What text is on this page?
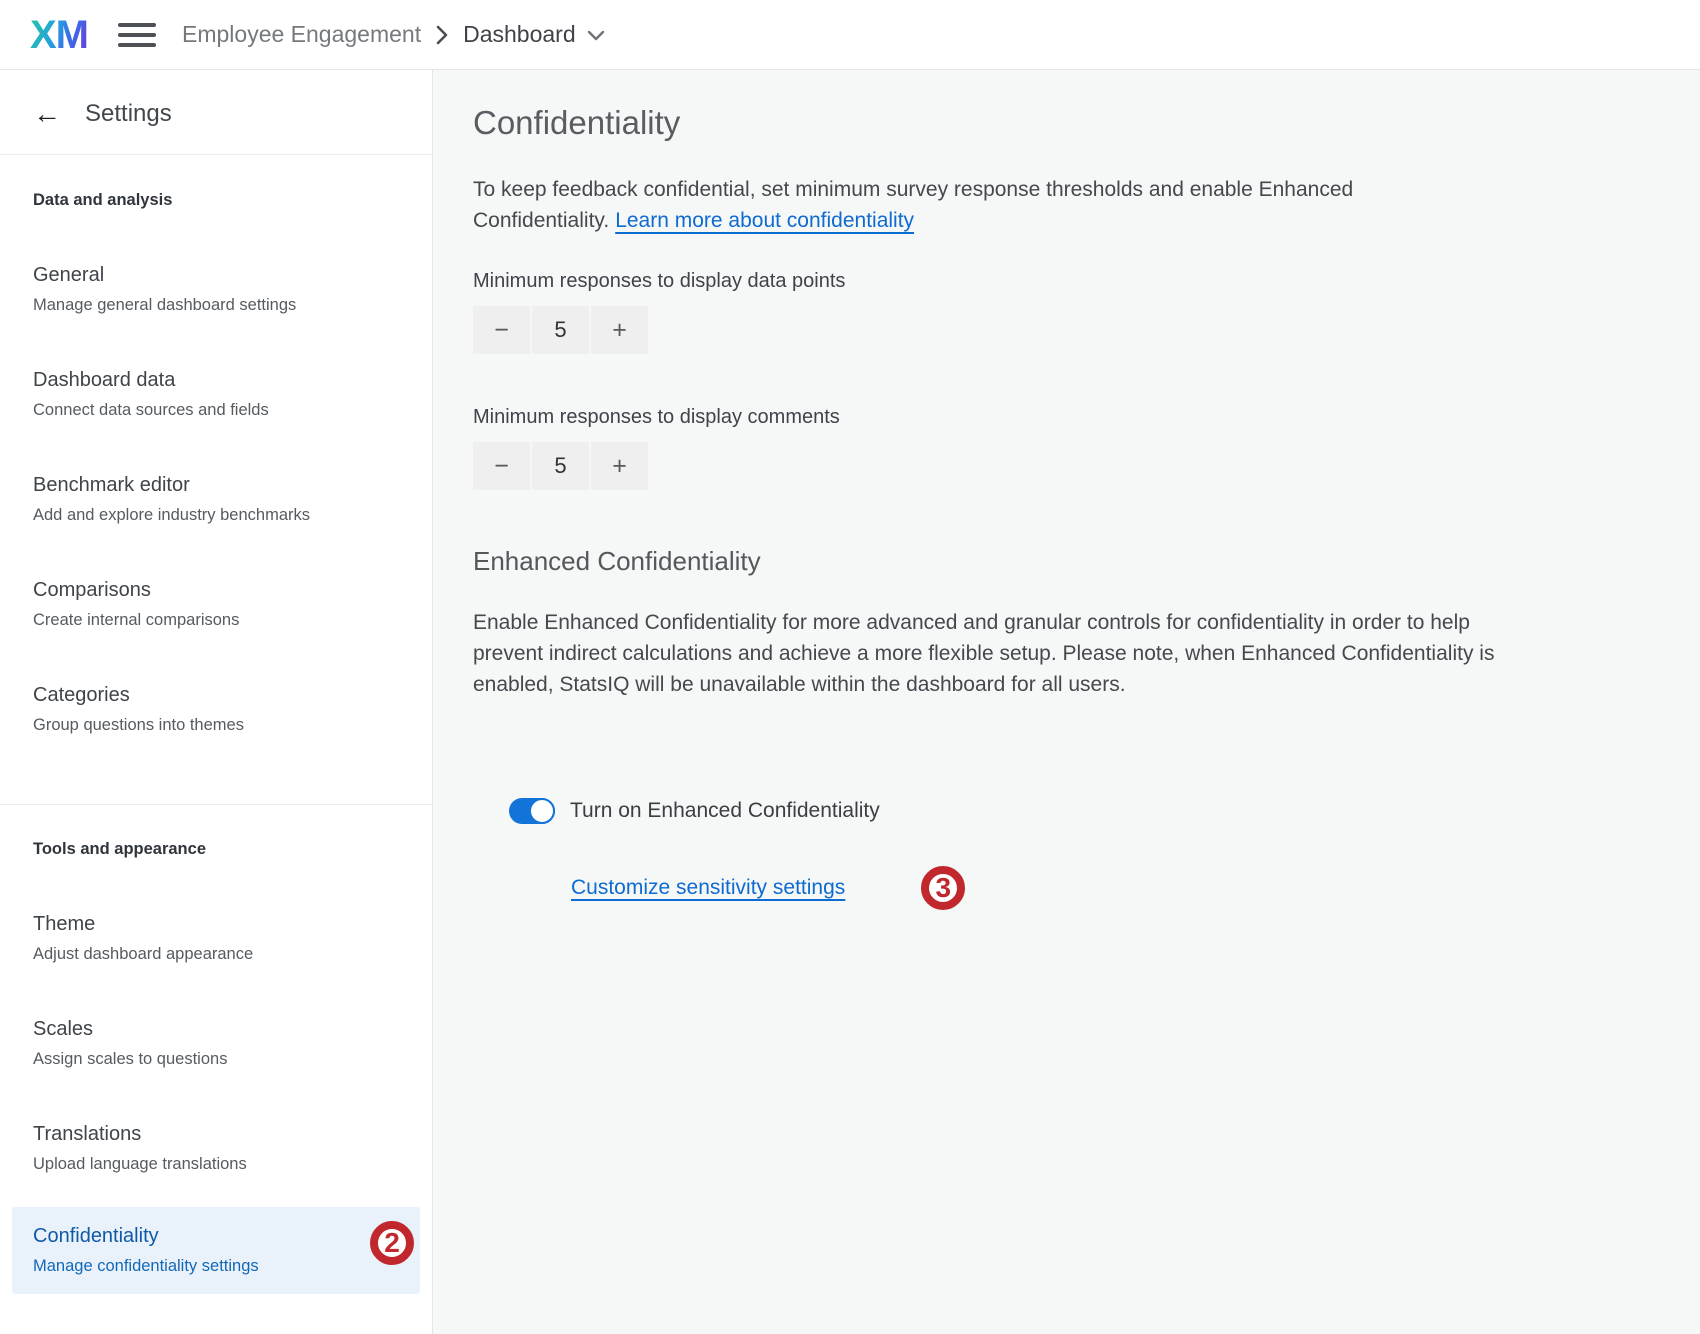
XM	Employee Engagement Dashboard
← Settings
Data and analysis
General
Manage general dashboard settings
Dashboard data
Connect data sources and fields
Benchmark editor
Add and explore industry benchmarks
Comparisons
Create internal comparisons
Categories
Group questions into themes
Tools and appearance
Theme
Adjust dashboard appearance
Scales
Assign scales to questions
Translations
Upload language translations
Confidentiality
Manage confidentiality settings
2
Confidentiality

To keep feedback confidential, set minimum survey response thresholds and enable Enhanced
Confidentiality. Learn more about confidentiality

Minimum responses to display data points
−	5	+
Minimum responses to display comments
−	5	+
Enhanced Confidentiality

Enable Enhanced Confidentiality for more advanced and granular controls for confidentiality in order to help
prevent indirect calculations and achieve a more flexible setup. Please note, when Enhanced Confidentiality is
enabled, StatsIQ will be unavailable within the dashboard for all users.

Turn on Enhanced Confidentiality
Customize sensitivity settings	3
